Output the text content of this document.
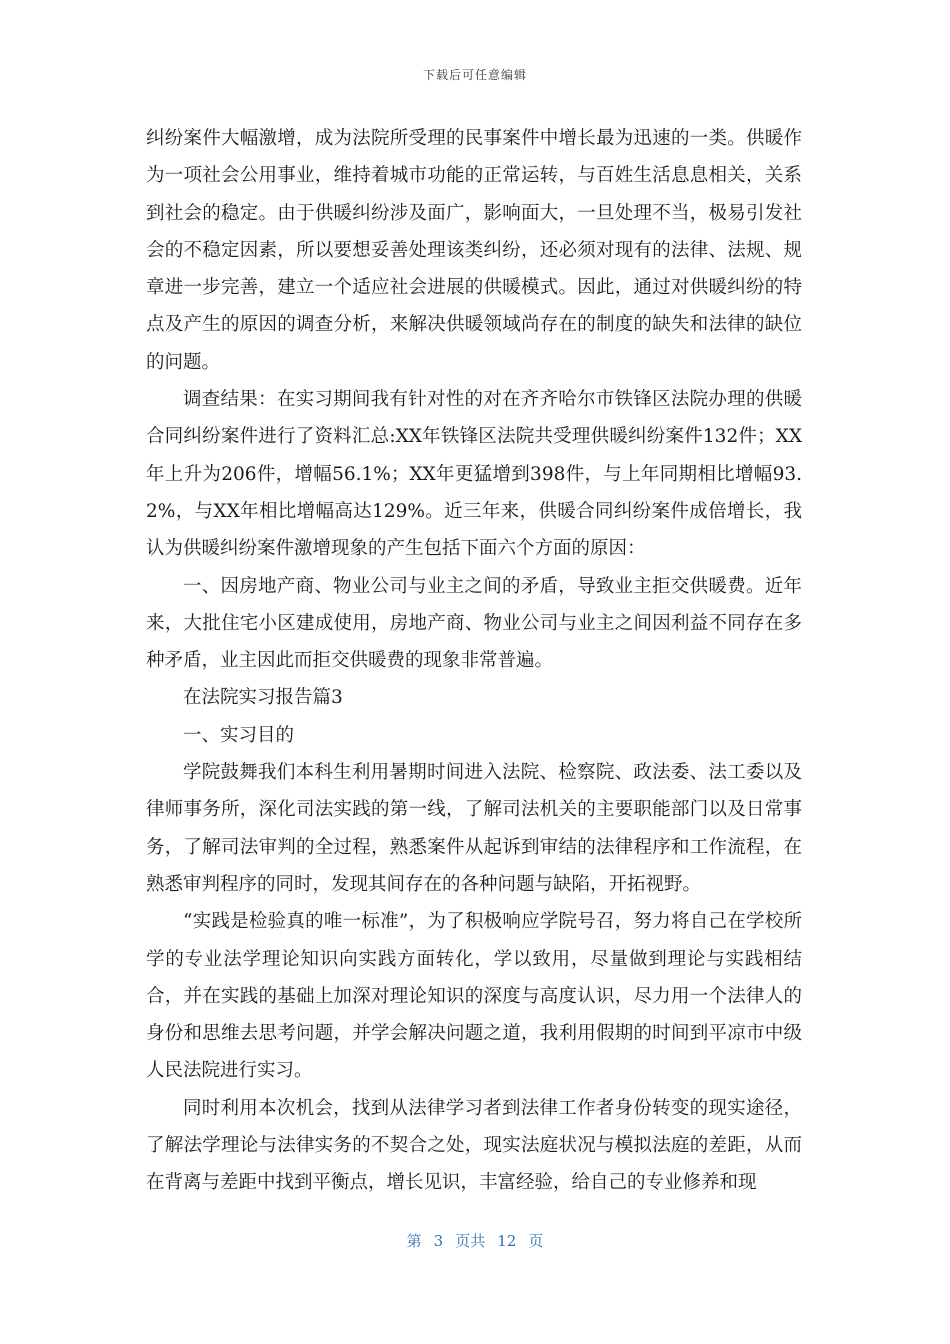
下载后可任意编辑

纠纷案件大幅激增，成为法院所受理的民事案件中增长最为迅速的一类。供暖作为一项社会公用事业，维持着城市功能的正常运转，与百姓生活息息相关，关系到社会的稳定。由于供暖纠纷涉及面广，影响面大，一旦处理不当，极易引发社会的不稳定因素，所以要想妥善处理该类纠纷，还必须对现有的法律、法规、规章进一步完善，建立一个适应社会进展的供暖模式。因此，通过对供暖纠纷的特点及产生的原因的调查分析，来解决供暖领域尚存在的制度的缺失和法律的缺位的问题。

调查结果：在实习期间我有针对性的对在齐齐哈尔市铁锋区法院办理的供暖合同纠纷案件进行了资料汇总:XX年铁锋区法院共受理供暖纠纷案件132件；XX年上升为206件，增幅56.1%；XX年更猛增到398件，与上年同期相比增幅93.2%，与XX年相比增幅高达129%。近三年来，供暖合同纠纷案件成倍增长，我认为供暖纠纷案件激增现象的产生包括下面六个方面的原因：

一、因房地产商、物业公司与业主之间的矛盾，导致业主拒交供暖费。近年来，大批住宅小区建成使用，房地产商、物业公司与业主之间因利益不同存在多种矛盾，业主因此而拒交供暖费的现象非常普遍。

在法院实习报告篇3

一、实习目的

学院鼓舞我们本科生利用暑期时间进入法院、检察院、政法委、法工委以及律师事务所，深化司法实践的第一线，了解司法机关的主要职能部门以及日常事务，了解司法审判的全过程，熟悉案件从起诉到审结的法律程序和工作流程，在熟悉审判程序的同时，发现其间存在的各种问题与缺陷，开拓视野。

“实践是检验真的唯一标准”，为了积极响应学院号召，努力将自己在学校所学的专业法学理论知识向实践方面转化，学以致用，尽量做到理论与实践相结合，并在实践的基础上加深对理论知识的深度与高度认识，尽力用一个法律人的身份和思维去思考问题，并学会解决问题之道，我利用假期的时间到平凉市中级人民法院进行实习。

同时利用本次机会，找到从法律学习者到法律工作者身份转变的现实途径，了解法学理论与法律实务的不契合之处，现实法庭状况与模拟法庭的差距，从而在背离与差距中找到平衡点，增长见识，丰富经验，给自己的专业修养和现

第 3 页共 12 页
